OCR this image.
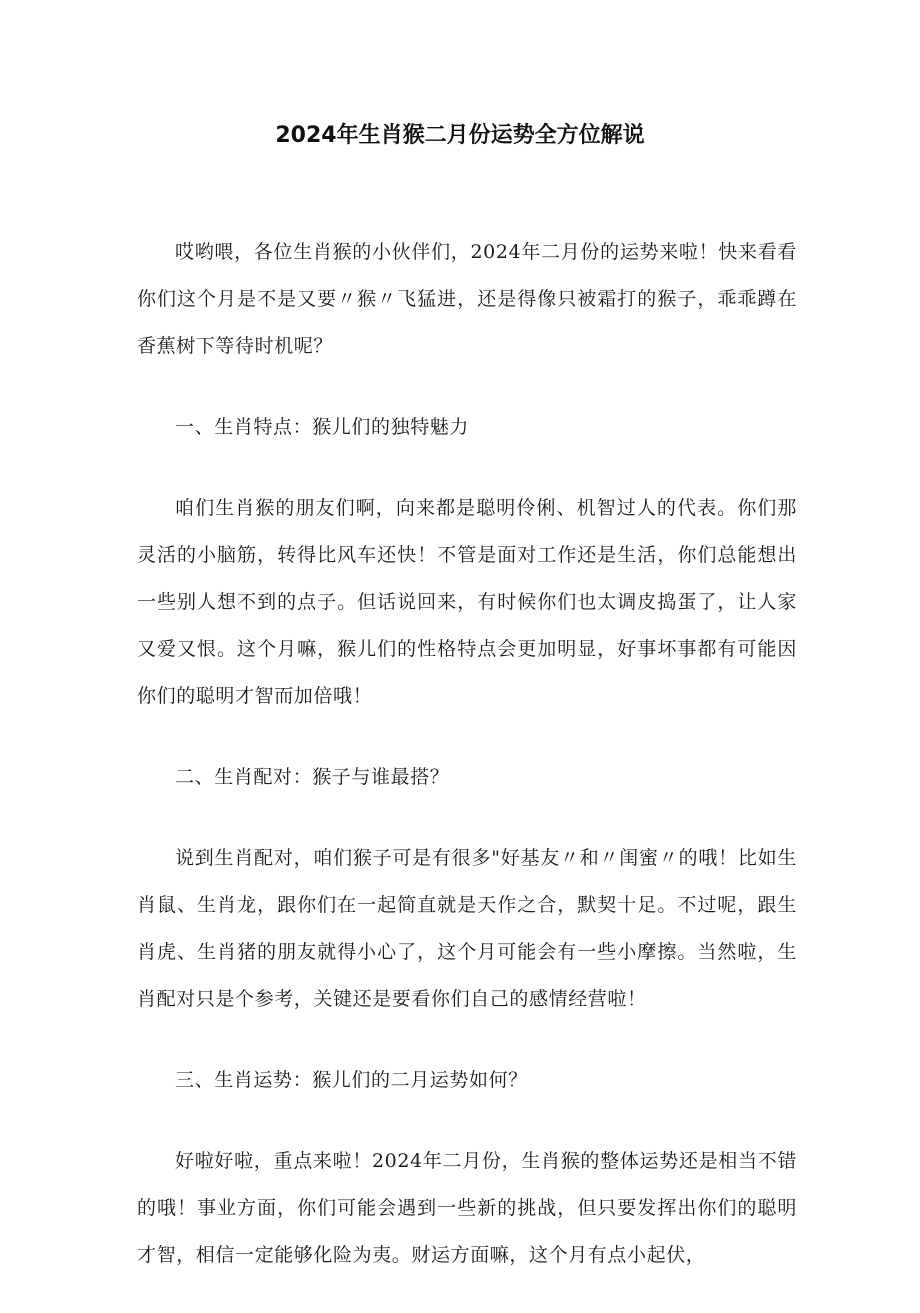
2024年生肖猴二月份运势全方位解说

哎哟喂，各位生肖猴的小伙伴们，2024年二月份的运势来啦！快来看看你们这个月是不是又要〃猴〃飞猛进，还是得像只被霜打的猴子，乖乖蹲在香蕉树下等待时机呢？

一、生肖特点：猴儿们的独特魅力

咱们生肖猴的朋友们啊，向来都是聪明伶俐、机智过人的代表。你们那灵活的小脑筋，转得比风车还快！不管是面对工作还是生活，你们总能想出一些别人想不到的点子。但话说回来，有时候你们也太调皮捣蛋了，让人家又爱又恨。这个月嘛，猴儿们的性格特点会更加明显，好事坏事都有可能因你们的聪明才智而加倍哦！

二、生肖配对：猴子与谁最搭？

说到生肖配对，咱们猴子可是有很多"好基友〃和〃闺蜜〃的哦！比如生肖鼠、生肖龙，跟你们在一起简直就是天作之合，默契十足。不过呢，跟生肖虎、生肖猪的朋友就得小心了，这个月可能会有一些小摩擦。当然啦，生肖配对只是个参考，关键还是要看你们自己的感情经营啦！

三、生肖运势：猴儿们的二月运势如何？

好啦好啦，重点来啦！2024年二月份，生肖猴的整体运势还是相当不错的哦！事业方面，你们可能会遇到一些新的挑战，但只要发挥出你们的聪明才智，相信一定能够化险为夷。财运方面嘛，这个月有点小起伏，
